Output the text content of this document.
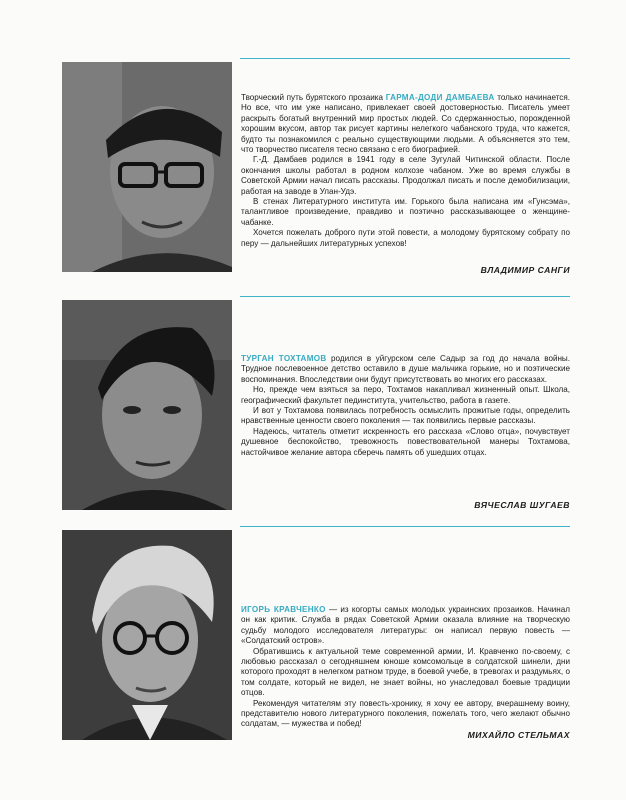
Творческий путь бурятского прозаика ГАРМА-ДОДИ ДАМБАЕВА только начинается. Но все, что им уже написано, привлекает своей достоверностью. Писатель умеет раскрыть богатый внутренний мир простых людей. Со сдержанностью, порожденной хорошим вкусом, автор так рисует картины нелегкого чабанского труда, что кажется, будто ты познакомился с реально существующими людьми. А объясняется это тем, что творчество писателя тесно связано с его биографией.

Г.-Д. Дамбаев родился в 1941 году в селе Зугулай Читинской области. После окончания школы работал в родном колхозе чабаном. Уже во время службы в Советской Армии начал писать рассказы. Продолжал писать и после демобилизации, работая на заводе в Улан-Удэ.

В стенах Литературного института им. Горького была написана им «Гунсэма», талантливое произведение, правдиво и поэтично рассказывающее о женщине-чабанке.

Хочется пожелать доброго пути этой повести, а молодому бурятскому собрату по перу — дальнейших литературных успехов!

ВЛАДИМИР САНГИ

ТУРГАН ТОХТАМОВ родился в уйгурском селе Садыр за год до начала войны. Трудное послевоенное детство оставило в душе мальчика горькие, но и поэтические воспоминания. Впоследствии они будут присутствовать во многих его рассказах.

Но, прежде чем взяться за перо, Тохтамов накапливал жизненный опыт. Школа, географический факультет пединститута, учительство, работа в газете.

И вот у Тохтамова появилась потребность осмыслить прожитые годы, определить нравственные ценности своего поколения — так появились первые рассказы.

Надеюсь, читатель отметит искренность его рассказа «Слово отца», почувствует душевное беспокойство, тревожность повествовательной манеры Тохтамова, настойчивое желание автора сберечь память об ушедших отцах.

ВЯЧЕСЛАВ ШУГАЕВ

ИГОРЬ КРАВЧЕНКО — из когорты самых молодых украинских прозаиков. Начинал он как критик. Служба в рядах Советской Армии оказала влияние на творческую судьбу молодого исследователя литературы: он написал первую повесть — «Солдатский остров».

Обратившись к актуальной теме современной армии, И. Кравченко по-своему, с любовью рассказал о сегодняшнем юноше комсомольце в солдатской шинели, дни которого проходят в нелегком ратном труде, в боевой учебе, в тревогах и раздумьях, о том солдате, который не видел, не знает войны, но унаследовал боевые традиции отцов.

Рекомендуя читателям эту повесть-хронику, я хочу ее автору, вчерашнему воину, представителю нового литературного поколения, пожелать того, чего желают обычно солдатам, — мужества и побед!

МИХАЙЛО СТЕЛЬМАХ
